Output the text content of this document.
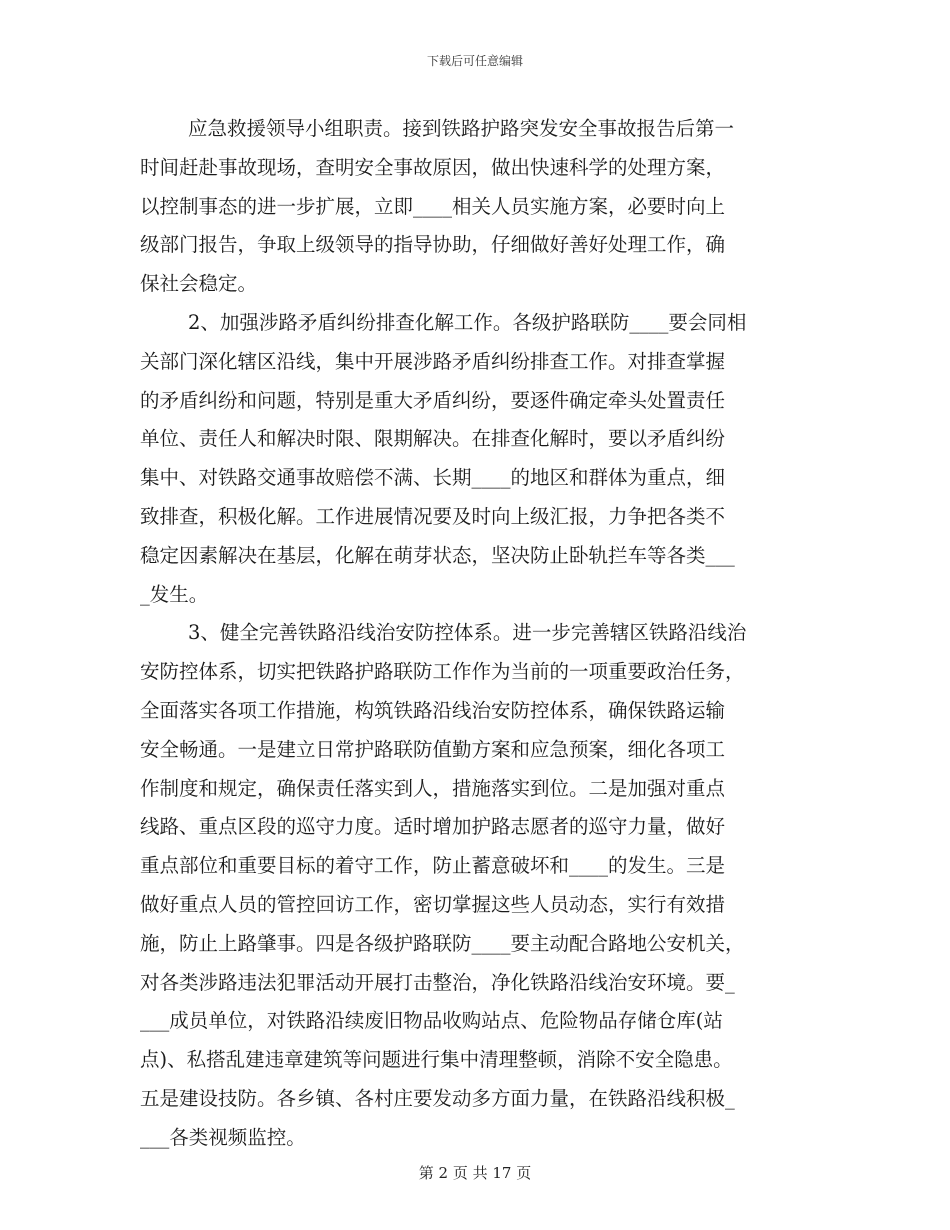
下载后可任意编辑
应急救援领导小组职责。接到铁路护路突发安全事故报告后第一
时间赶赴事故现场，查明安全事故原因，做出快速科学的处理方案，
以控制事态的进一步扩展，立即____相关人员实施方案，必要时向上
级部门报告，争取上级领导的指导协助，仔细做好善好处理工作，确
保社会稳定。
2、加强涉路矛盾纠纷排查化解工作。各级护路联防____要会同相
关部门深化辖区沿线，集中开展涉路矛盾纠纷排查工作。对排查掌握
的矛盾纠纷和问题，特别是重大矛盾纠纷，要逐件确定牵头处置责任
单位、责任人和解决时限、限期解决。在排查化解时，要以矛盾纠纷
集中、对铁路交通事故赔偿不满、长期____的地区和群体为重点，细
致排查，积极化解。工作进展情况要及时向上级汇报，力争把各类不
稳定因素解决在基层，化解在萌芽状态，坚决防止卧轨拦车等各类___
_发生。
3、健全完善铁路沿线治安防控体系。进一步完善辖区铁路沿线治
安防控体系，切实把铁路护路联防工作作为当前的一项重要政治任务，
全面落实各项工作措施，构筑铁路沿线治安防控体系，确保铁路运输
安全畅通。一是建立日常护路联防值勤方案和应急预案，细化各项工
作制度和规定，确保责任落实到人，措施落实到位。二是加强对重点
线路、重点区段的巡守力度。适时增加护路志愿者的巡守力量，做好
重点部位和重要目标的着守工作，防止蓄意破坏和____的发生。三是
做好重点人员的管控回访工作，密切掌握这些人员动态，实行有效措
施，防止上路肇事。四是各级护路联防____要主动配合路地公安机关，
对各类涉路违法犯罪活动开展打击整治，净化铁路沿线治安环境。要_
___成员单位，对铁路沿续废旧物品收购站点、危险物品存储仓库(站
点)、私搭乱建违章建筑等问题进行集中清理整顿，消除不安全隐患。
五是建设技防。各乡镇、各村庄要发动多方面力量，在铁路沿线积极_
___各类视频监控。
第 2 页 共 17 页
